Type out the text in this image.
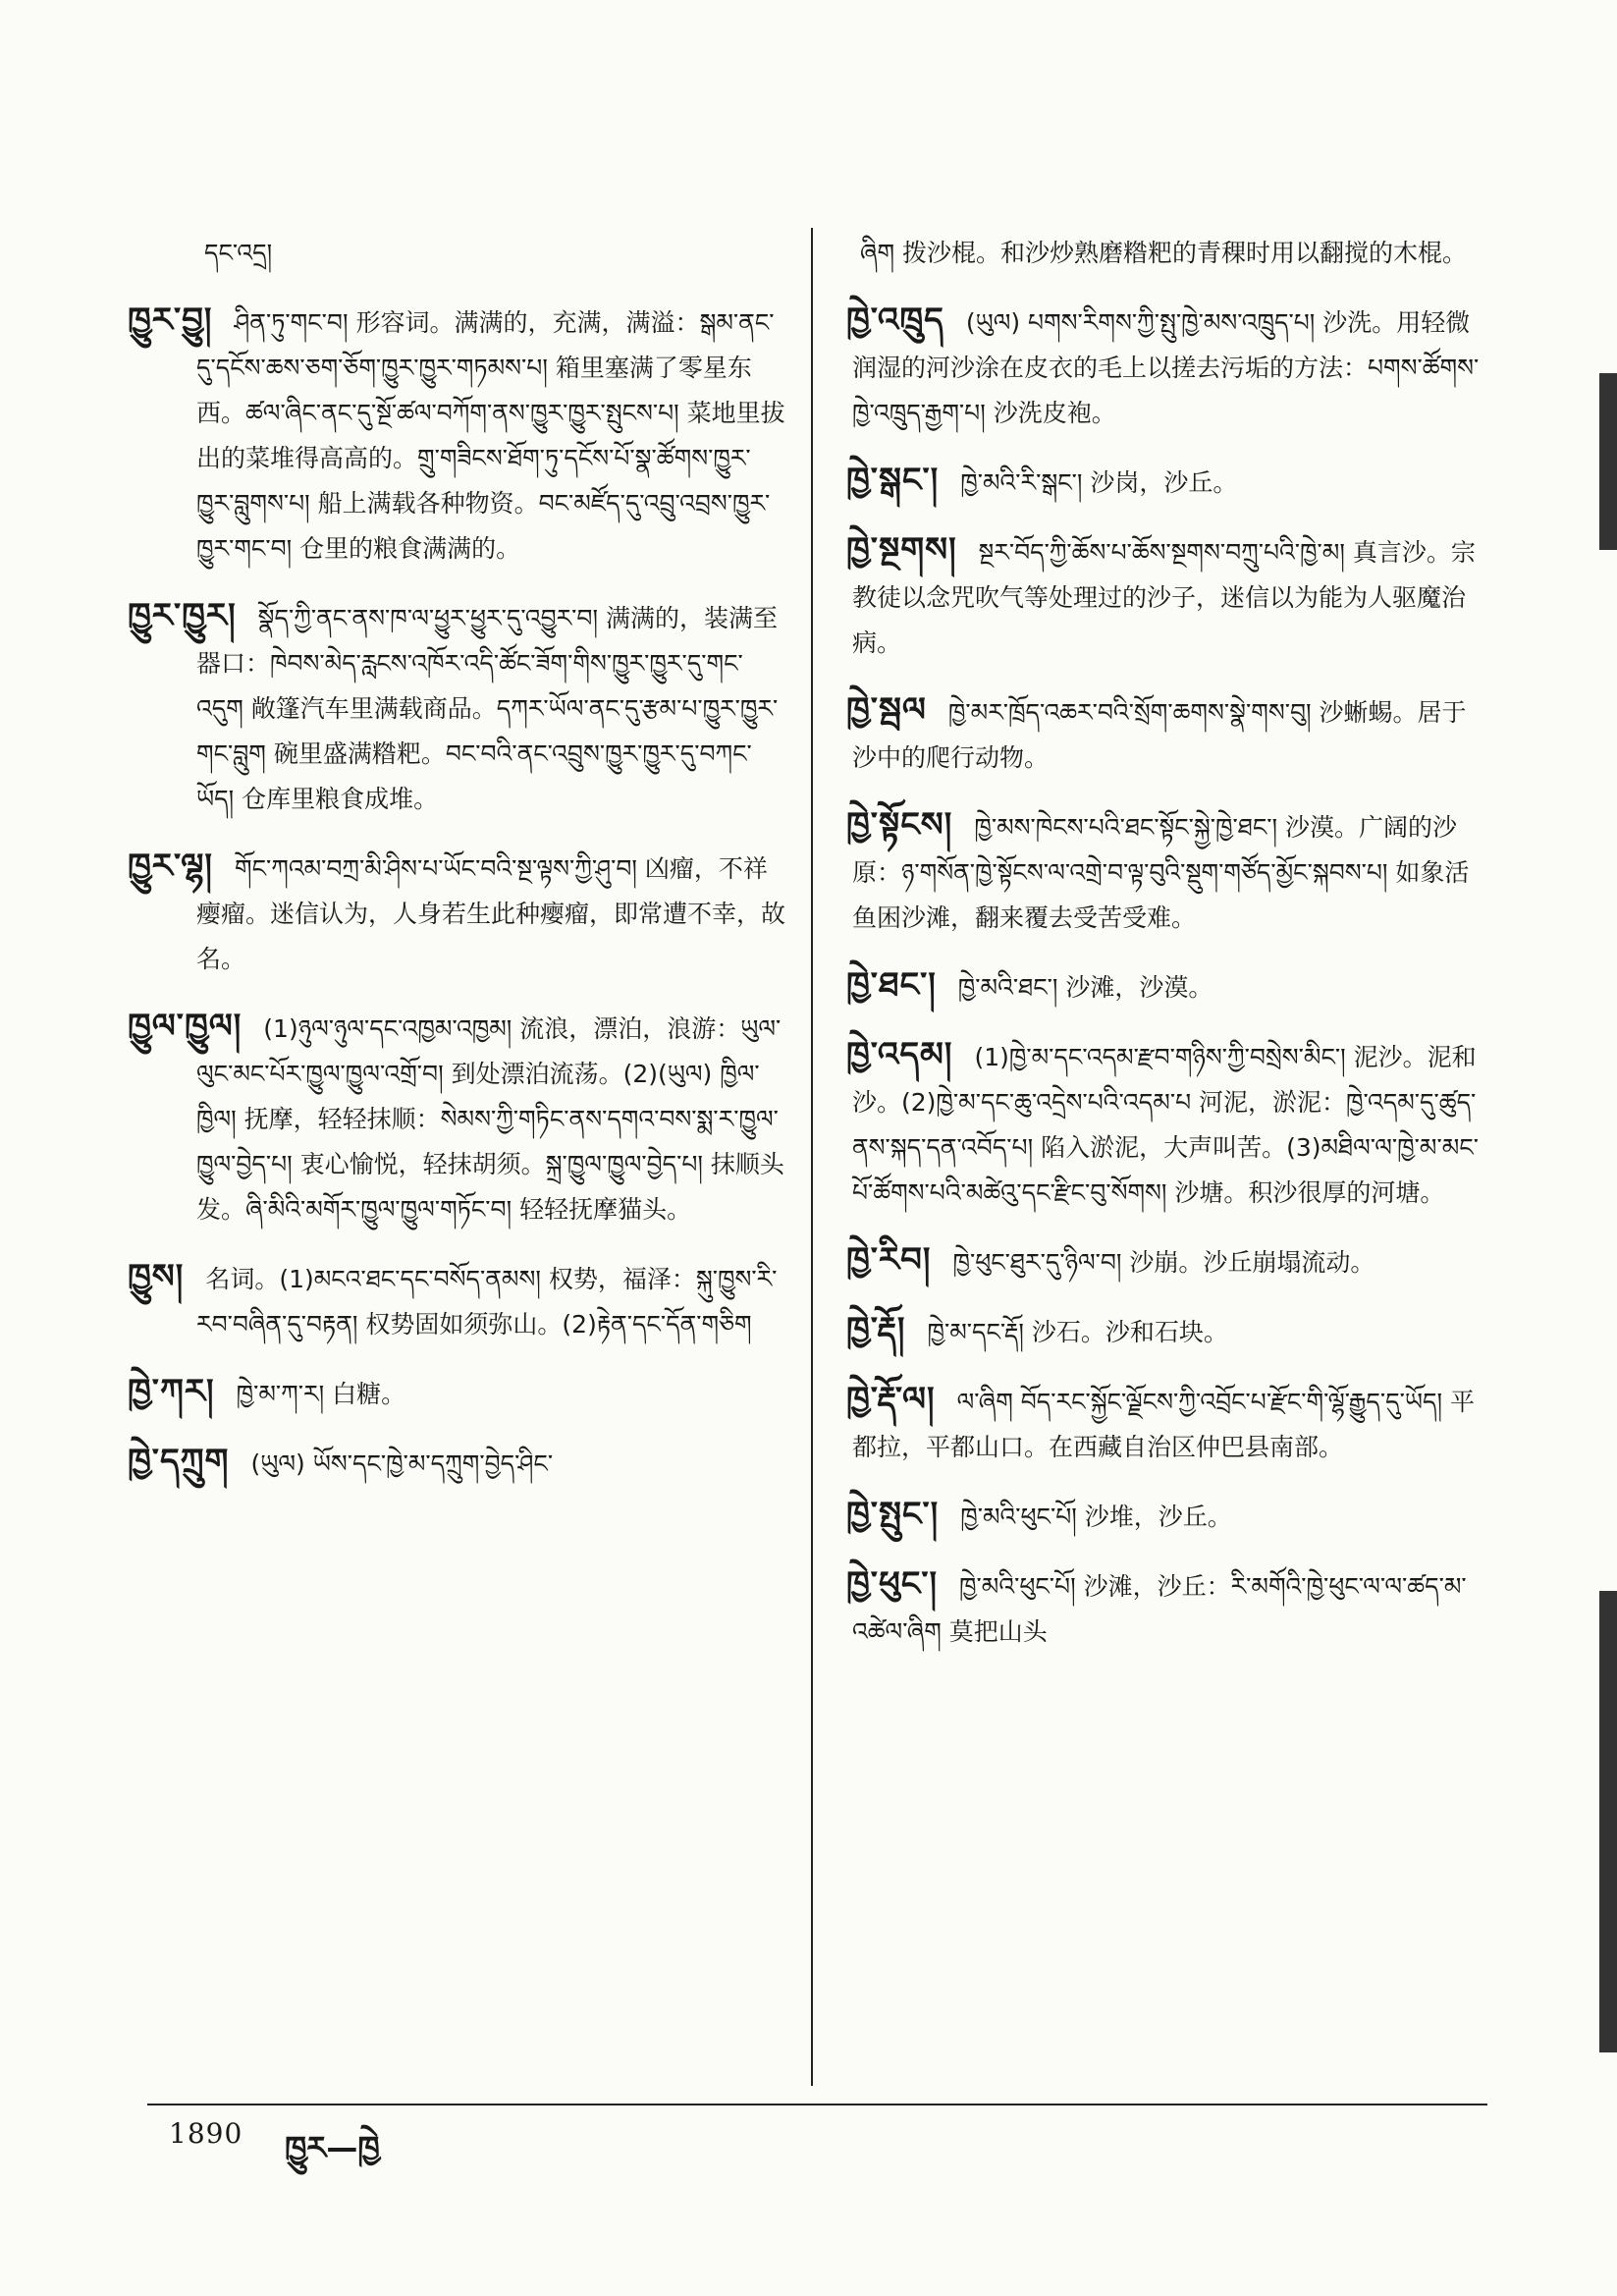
དང་འདྲ།
ཁྱུར་བྱུ། ཤིན་ཏུ་གང་བ། 形容词。满满的，充满，满溢：སྒམ་ནང་དུ་དངོས་ཆས་ཅག་ཅོག་ཁྱུར་ཁྱུར་གཏམས་པ། 箱里塞满了零星东西。ཚལ་ཞིང་ནང་དུ་སྔོ་ཚལ་བཀོག་ནས་ཁྱུར་ཁྱུར་སྤུངས་པ། 菜地里拔出的菜堆得高高的。གྲུ་གཟིངས་ཐོག་ཏུ་དངོས་པོ་སྣ་ཚོགས་ཁྱུར་ཁྱུར་བླུགས་པ། 船上满载各种物资。བང་མཛོད་དུ་འབྲུ་འབྲས་ཁྱུར་ཁྱུར་གང་བ། 仓里的粮食满满的。
ཁྱུར་ཁྱུར། སྣོད་ཀྱི་ནང་ནས་ཁ་ལ་ཕྱུར་ཕྱུར་དུ་འབྱུར་བ། 满满的，装满至器口：ཁེབས་མེད་རླངས་འཁོར་འདི་ཚོང་ཟོག་གིས་ཁྱུར་ཁྱུར་དུ་གང་འདུག 敞篷汽车里满载商品。དཀར་ཡོལ་ནང་དུ་རྩམ་པ་ཁྱུར་ཁྱུར་གང་བླུག 碗里盛满糌粑。བང་བའི་ནང་འབྲུས་ཁྱུར་ཁྱུར་དུ་བཀང་ཡོད། 仓库里粮食成堆。
ཁྱུར་ལྷ། གོང་ཀའམ་བཀྲ་མི་ཤིས་པ་ཡོང་བའི་སྔ་ལྟས་ཀྱི་ཤུ་བ། 凶瘤，不祥瘿瘤。迷信认为，人身若生此种瘿瘤，即常遭不幸，故名。
ཁྱུལ་ཁྱུལ། (1)ཉུལ་ཉུལ་དང་འཁྱམ་འཁྱམ། 流浪，漂泊，浪游：ཡུལ་ལུང་མང་པོར་ཁྱུལ་ཁྱུལ་འགྲོ་བ། 到处漂泊流荡。(2)(ཡུལ) ཁྱིལ་ཁྱིལ། 抚摩，轻轻抹顺：སེམས་ཀྱི་གཏིང་ནས་དགའ་བས་སྨ་ར་ཁྱུལ་ཁྱུལ་བྱེད་པ། 衷心愉悦，轻抹胡须。སྐྲ་ཁྱུལ་ཁྱུལ་བྱེད་པ། 抹顺头发。ཞི་མིའི་མགོར་ཁྱུལ་ཁྱུལ་གཏོང་བ། 轻轻抚摩猫头。
ཁྱུས། 名词。(1)མངའ་ཐང་དང་བསོད་ནམས། 权势，福泽：སྐུ་ཁྱུས་རི་རབ་བཞིན་དུ་བརྟན། 权势固如须弥山。(2)རྟེན་དང་དོན་གཅིག
ཁྱེ་ཀར། ཁྱེ་མ་ཀ་ར། 白糖。
ཁྱེ་དཀྲུག (ཡུལ) ཡོས་དང་ཁྱེ་མ་དཀྲུག་བྱེད་ཤིང་
ཞིག 拨沙棍。和沙炒熟磨糌粑的青稞时用以翻搅的木棍。
ཁྱེ་འཁྲུད (ཡུལ) པགས་རིགས་ཀྱི་སྤུ་ཁྱེ་མས་འཁྲུད་པ། 沙洗。用轻微润湿的河沙涂在皮衣的毛上以搓去污垢的方法：པགས་ཚོགས་ཁྱེ་འཁྲུད་རྒྱག་པ། 沙洗皮袍。
ཁྱེ་སྒང་། ཁྱེ་མའི་རི་སྒང་། 沙岗，沙丘。
ཁྱེ་སྔགས། སྔར་བོད་ཀྱི་ཆོས་པ་ཆོས་སྔགས་བཀྲུ་པའི་ཁྱེ་མ། 真言沙。宗教徒以念咒吹气等处理过的沙子，迷信以为能为人驱魔治病。
ཁྱེ་སྦལ ཁྱེ་མར་ཁྲོད་འཆར་བའི་སྲོག་ཆགས་སྣེ་གས་བུ། 沙蜥蜴。居于沙中的爬行动物。
ཁྱེ་སྟོངས། ཁྱེ་མས་ཁེངས་པའི་ཐང་སྟོང་སྐྱེ་ཁྱེ་ཐང་། 沙漠。广阔的沙原：ཉ་གསོན་ཁྱེ་སྟོངས་ལ་འགྲེ་བ་ལྟ་བུའི་སྡུག་གཙོད་མྱོང་སྐབས་པ། 如象活鱼困沙滩，翻来覆去受苦受难。
ཁྱེ་ཐང་། ཁྱེ་མའི་ཐང་། 沙滩，沙漠。
ཁྱེ་འདམ། (1)ཁྱེ་མ་དང་འདམ་རྫབ་གཉིས་ཀྱི་བསྲེས་མིང་། 泥沙。泥和沙。(2)ཁྱེ་མ་དང་ཆུ་འདྲེས་པའི་འདམ་པ 河泥，淤泥：ཁྱེ་འདམ་དུ་ཚུད་ནས་སྐད་དན་འབོད་པ། 陷入淤泥，大声叫苦。(3)མཐིལ་ལ་ཁྱེ་མ་མང་པོ་ཚོགས་པའི་མཚེའུ་དང་རྫིང་བུ་སོགས། 沙塘。积沙很厚的河塘。
ཁྱེ་རིབ། ཁྱེ་ཕུང་ཐུར་དུ་ཉིལ་བ། 沙崩。沙丘崩塌流动。
ཁྱེ་རྡོ། ཁྱེ་མ་དང་རྡོ། 沙石。沙和石块。
ཁྱེ་རྡོ་ལ། ལ་ཞིག བོད་རང་སྐྱོང་ལྗོངས་ཀྱི་འབྲོང་པ་རྫོང་གི་ལྷོ་རྒྱུད་དུ་ཡོད། 平都拉，平都山口。在西藏自治区仲巴县南部。
ཁྱེ་སྤུང་། ཁྱེ་མའི་ཕུང་པོ། 沙堆，沙丘。
ཁྱེ་ཕུང་། ཁྱེ་མའི་ཕུང་པོ། 沙滩，沙丘：རི་མགོའི་ཁྱེ་ཕུང་ལ་ལ་ཚད་མ་འཚེལ་ཞིག 莫把山头
1890 ཁྱུར—ཁྱེ
